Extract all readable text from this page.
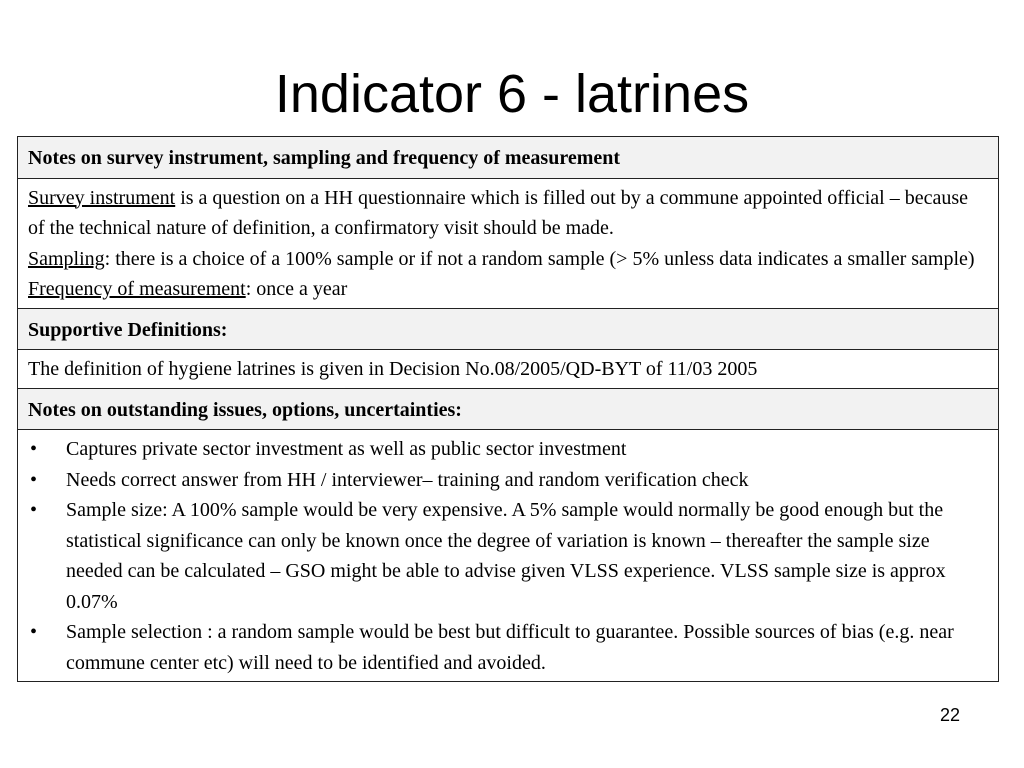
Indicator 6 - latrines
Notes on survey instrument, sampling and frequency of measurement

Survey instrument is a question on a HH questionnaire which is filled out by a commune appointed official – because of the technical nature of definition, a confirmatory visit should be made.
Sampling: there is a choice of a 100% sample or if not a random sample (> 5% unless data indicates a smaller sample)
Frequency of measurement: once a year

Supportive Definitions:
The definition of hygiene latrines is given in Decision No.08/2005/QD-BYT of 11/03 2005
Notes on outstanding issues, options, uncertainties:

• Captures private sector investment as well as public sector investment
• Needs correct answer from HH / interviewer– training and random verification check
• Sample size: A 100% sample would be very expensive. A 5% sample would normally be good enough but the statistical significance can only be known once the degree of variation is known – thereafter the sample size needed can be calculated – GSO might be able to advise given VLSS experience. VLSS sample size is approx 0.07%
• Sample selection : a random sample would be best but difficult to guarantee. Possible sources of bias (e.g. near commune center etc) will need to be identified and avoided.
22
